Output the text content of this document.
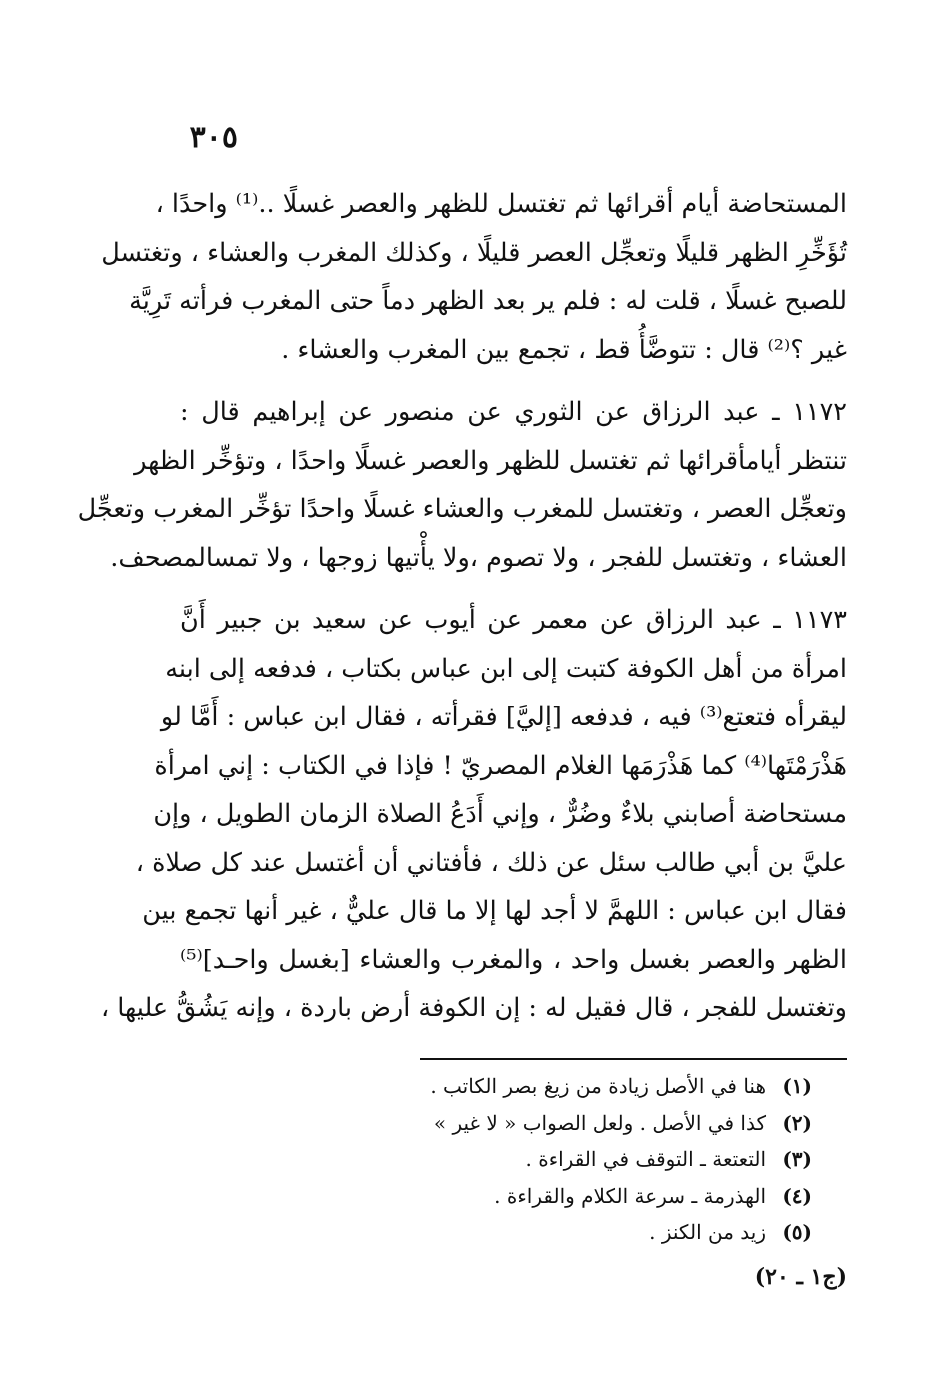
٣٠٥

المستحاضة أيام أقرائها ثم تغتسل للظهر والعصر غسلًا ..⁽¹⁾ واحدًا ،
تُؤَخِّرِ الظهر قليلًا وتعجِّل العصر قليلًا ، وكذلك المغرب والعشاء ، وتغتسل
للصبح غسلًا ، قلت له : فلم ير بعد الظهر دماً حتى المغرب فرأته تَرِيَّة
غير ؟⁽²⁾ قال : تتوضَّأُ قط ، تجمع بين المغرب والعشاء .

١١٧٢ ـ عبد الرزاق عن الثوري عن منصور عن إبراهيم قال :
تنتظر أيامأقرائها ثم تغتسل للظهر والعصر غسلًا واحدًا ، وتؤخِّر الظهر
وتعجِّل العصر ، وتغتسل للمغرب والعشاء غسلًا واحدًا تؤخِّر المغرب وتعجِّل
العشاء ، وتغتسل للفجر ، ولا تصوم ،ولا يأْتيها زوجها ، ولا تمسالمصحف.

١١٧٣ ـ عبد الرزاق عن معمر عن أيوب عن سعيد بن جبير أَنَّ
امرأة من أهل الكوفة كتبت إلى ابن عباس بكتاب ، فدفعه إلى ابنه
ليقرأه فتعتع⁽³⁾ فيه ، فدفعه [إليَّ] فقرأته ، فقال ابن عباس : أَمَّا لو
هَذْرَمْتَها⁽⁴⁾ كما هَذْرَمَها الغلام المصريّ ! فإذا في الكتاب : إني امرأة
مستحاضة أصابني بلاءٌ وضُرٌّ ، وإني أَدَعُ الصلاة الزمان الطويل ، وإن
عليَّ بن أبي طالب سئل عن ذلك ، فأفتاني أن أغتسل عند كل صلاة ،
فقال ابن عباس : اللهمَّ لا أجد لها إلا ما قال عليٌّ ، غير أنها تجمع بين
الظهر والعصر بغسل واحد ، والمغرب والعشاء [بغسل واحـد]⁽⁵⁾
وتغتسل للفجر ، قال فقيل له : إن الكوفة أرض باردة ، وإنه يَشُقُّ عليها ،

(١)
هنا في الأصل زيادة من زيغ بصر الكاتب .
(٢)
كذا في الأصل . ولعل الصواب « لا غير »
(٣)
التعتعة ـ التوقف في القراءة .
(٤)
الهذرمة ـ سرعة الكلام والقراءة .
(٥)
زيد من الكنز .
(ج١ ـ ٢٠)
